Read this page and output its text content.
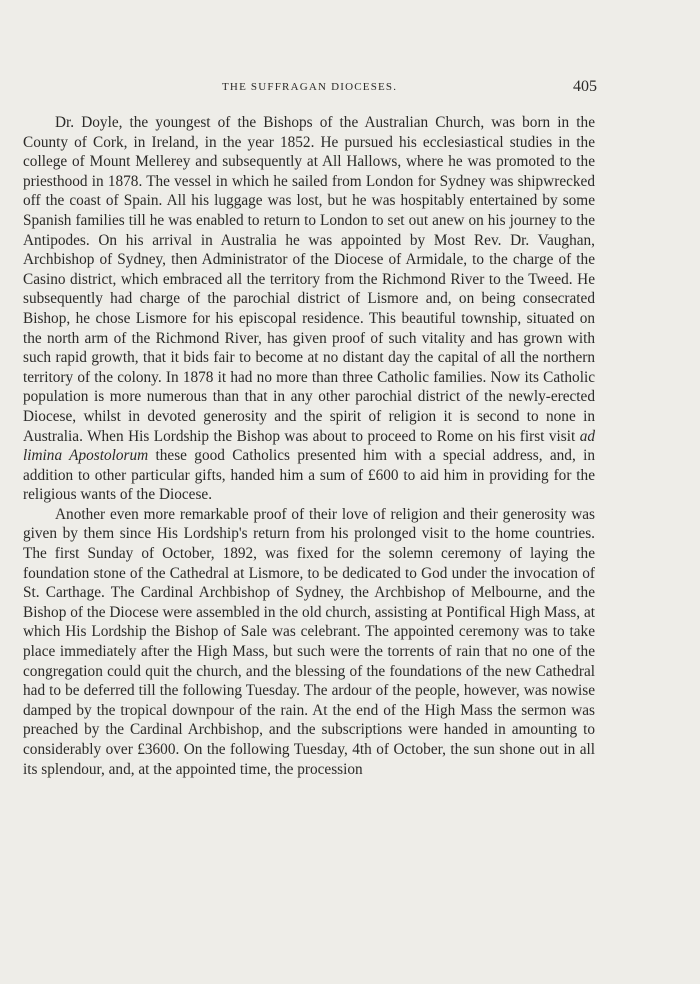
THE SUFFRAGAN DIOCESES.	405

Dr. Doyle, the youngest of the Bishops of the Australian Church, was born in the County of Cork, in Ireland, in the year 1852. He pursued his ecclesiastical studies in the college of Mount Mellerey and subsequently at All Hallows, where he was promoted to the priesthood in 1878. The vessel in which he sailed from London for Sydney was shipwrecked off the coast of Spain. All his luggage was lost, but he was hospitably entertained by some Spanish families till he was enabled to return to London to set out anew on his journey to the Antipodes. On his arrival in Australia he was appointed by Most Rev. Dr. Vaughan, Archbishop of Sydney, then Administrator of the Diocese of Armidale, to the charge of the Casino district, which embraced all the territory from the Richmond River to the Tweed. He subsequently had charge of the parochial district of Lismore and, on being consecrated Bishop, he chose Lismore for his episcopal residence. This beautiful township, situated on the north arm of the Richmond River, has given proof of such vitality and has grown with such rapid growth, that it bids fair to become at no distant day the capital of all the northern territory of the colony. In 1878 it had no more than three Catholic families. Now its Catholic population is more numerous than that in any other parochial district of the newly-erected Diocese, whilst in devoted generosity and the spirit of religion it is second to none in Australia. When His Lordship the Bishop was about to proceed to Rome on his first visit ad limina Apostolorum these good Catholics presented him with a special address, and, in addition to other particular gifts, handed him a sum of £600 to aid him in providing for the religious wants of the Diocese.

Another even more remarkable proof of their love of religion and their generosity was given by them since His Lordship's return from his prolonged visit to the home countries. The first Sunday of October, 1892, was fixed for the solemn ceremony of laying the foundation stone of the Cathedral at Lismore, to be dedicated to God under the invocation of St. Carthage. The Cardinal Archbishop of Sydney, the Archbishop of Melbourne, and the Bishop of the Diocese were assembled in the old church, assisting at Pontifical High Mass, at which His Lordship the Bishop of Sale was celebrant. The appointed ceremony was to take place immediately after the High Mass, but such were the torrents of rain that no one of the congregation could quit the church, and the blessing of the foundations of the new Cathedral had to be deferred till the following Tuesday. The ardour of the people, however, was nowise damped by the tropical downpour of the rain. At the end of the High Mass the sermon was preached by the Cardinal Archbishop, and the subscriptions were handed in amounting to considerably over £3600. On the following Tuesday, 4th of October, the sun shone out in all its splendour, and, at the appointed time, the procession
